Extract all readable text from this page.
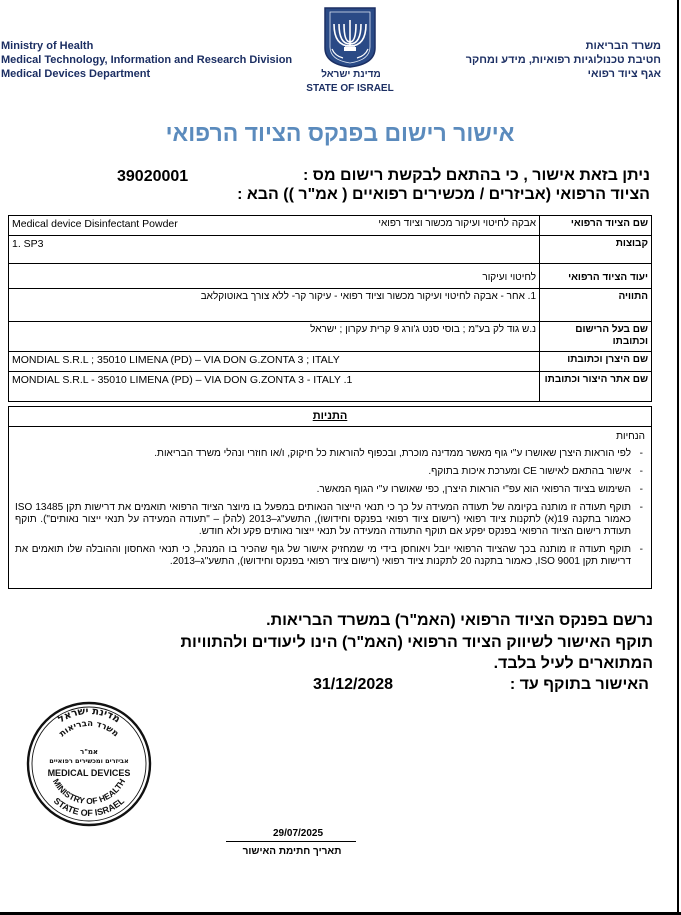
Ministry of Health
Medical Technology, Information and Research Division
Medical Devices Department	מדינת ישראל
STATE OF ISRAEL
משרד הבריאות
חטיבת טכנולוגיות רפואיות, מידע ומחקר
אגף ציוד רפואי
אישור רישום בפנקס הציוד הרפואי
ניתן בזאת אישור , כי בהתאם לבקשת רישום מס :
39020001
הציוד הרפואי (אביזרים / מכשירים רפואיים ( אמ"ר )) הבא :
שם הציוד הרפואי	אבקה לחיטוי ועיקור מכשור וציוד רפואי
Medical device Disinfectant Powder

קבוצות	1. SP3
יעוד הציוד הרפואי	לחיטוי ועיקור
התוויה	1. אחר - אבקה לחיטוי ועיקור מכשור וציוד רפואי - עיקור קר- ללא צורך באוטוקלאב
שם בעל הרישום וכתובתו	נ.ש גוד לק בע"מ ; בוסי סנט ג'ורג 9 קרית עקרון ; ישראל
שם היצרן וכתובתו	MONDIAL S.R.L ; 35010 LIMENA (PD) – VIA DON G.ZONTA 3 ; ITALY
שם אתר היצור וכתובתו	MONDIAL S.R.L - 35010 LIMENA (PD) – VIA DON G.ZONTA 3 - ITALY .1
התניות
הנחיות
- לפי הוראות היצרן שאושרו ע"י גוף מאשר ממדינה מוכרת, ובכפוף להוראות כל חיקוק, ו/או חוזרי ונהלי משרד הבריאות.
- אישור בהתאם לאישור CE ומערכת איכות בתוקף.
- השימוש בציוד הרפואי הוא עפ"י הוראות היצרן, כפי שאושרו ע"י הגוף המאשר.
- תוקף תעודה זו מותנה בקיומה של תעודה המעידה על כך כי תנאי הייצור הנאותים במפעל בו מיוצר הציוד הרפואי תואמים את דרישות תקן ISO 13485 כאמור בתקנה 19(א) לתקנות ציוד רפואי (רישום ציוד רפואי בפנקס וחידושו), התשע"ג–2013 (להלן – "תעודה המעידה על תנאי ייצור נאותים"). תוקף תעודת רישום הציוד הרפואי בפנקס יפקע אם תוקף התעודה המעידה על תנאי ייצור נאותים פקע ולא חודש.
- תוקף תעודה זו מותנה בכך שהציוד הרפואי יובל ויאוחסן בידי מי שמחזיק אישור של גוף שהכיר בו המנהל, כי תנאי האחסון וההובלה שלו תואמים את דרישות תקן ISO 9001, כאמור בתקנה 20 לתקנות ציוד רפואי (רישום ציוד רפואי בפנקס וחידושו), התשע"ג–2013.
נרשם בפנקס הציוד הרפואי (האמ"ר) במשרד הבריאות.
תוקף האישור לשיווק הציוד הרפואי (האמ"ר) הינו ליעודים ולהתוויות
המתוארים לעיל בלבד.
האישור בתוקף עד :
31/12/2028
מדינת ישראל
משרד הבריאות
אמ"ר
אביזרים ומכשירים רפואיים
MEDICAL DEVICES
MINISTRY OF HEALTH
STATE OF ISRAEL
29/07/2025
תאריך חתימת האישור
